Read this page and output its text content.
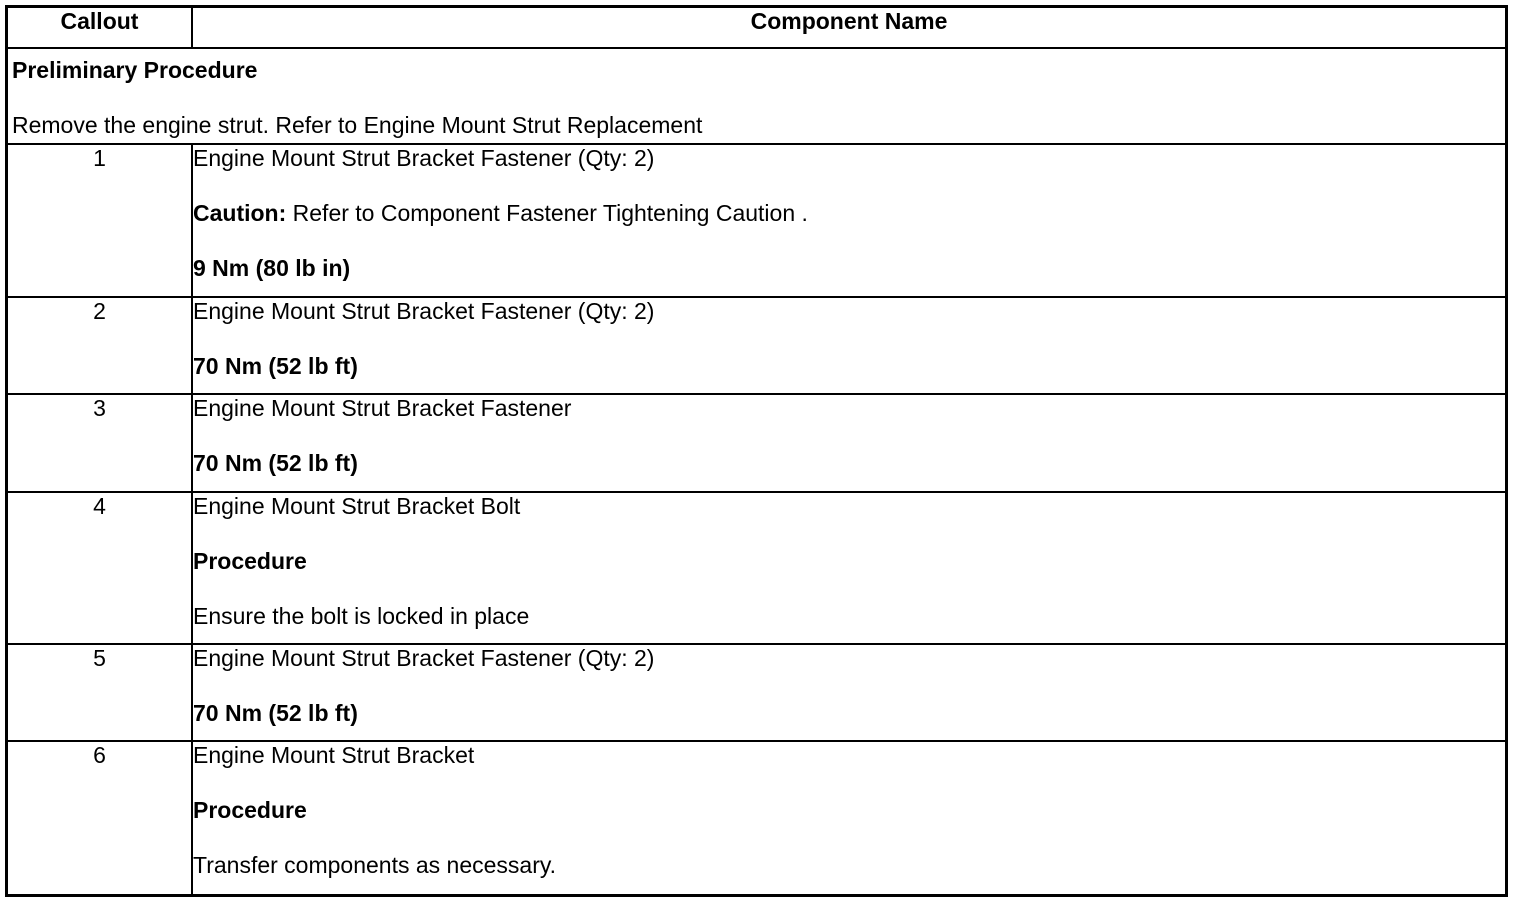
Callout	Component Name

Preliminary Procedure
Remove the engine strut. Refer to Engine Mount Strut Replacement	

1	Engine Mount Strut Bracket Fastener (Qty: 2)
Caution: Refer to Component Fastener Tightening Caution .
9 Nm (80 lb in)

2	Engine Mount Strut Bracket Fastener (Qty: 2)
70 Nm (52 lb ft)

3	Engine Mount Strut Bracket Fastener
70 Nm (52 lb ft)

4	Engine Mount Strut Bracket Bolt
Procedure
Ensure the bolt is locked in place

5	Engine Mount Strut Bracket Fastener (Qty: 2)
70 Nm (52 lb ft)

6	Engine Mount Strut Bracket
Procedure
Transfer components as necessary.
